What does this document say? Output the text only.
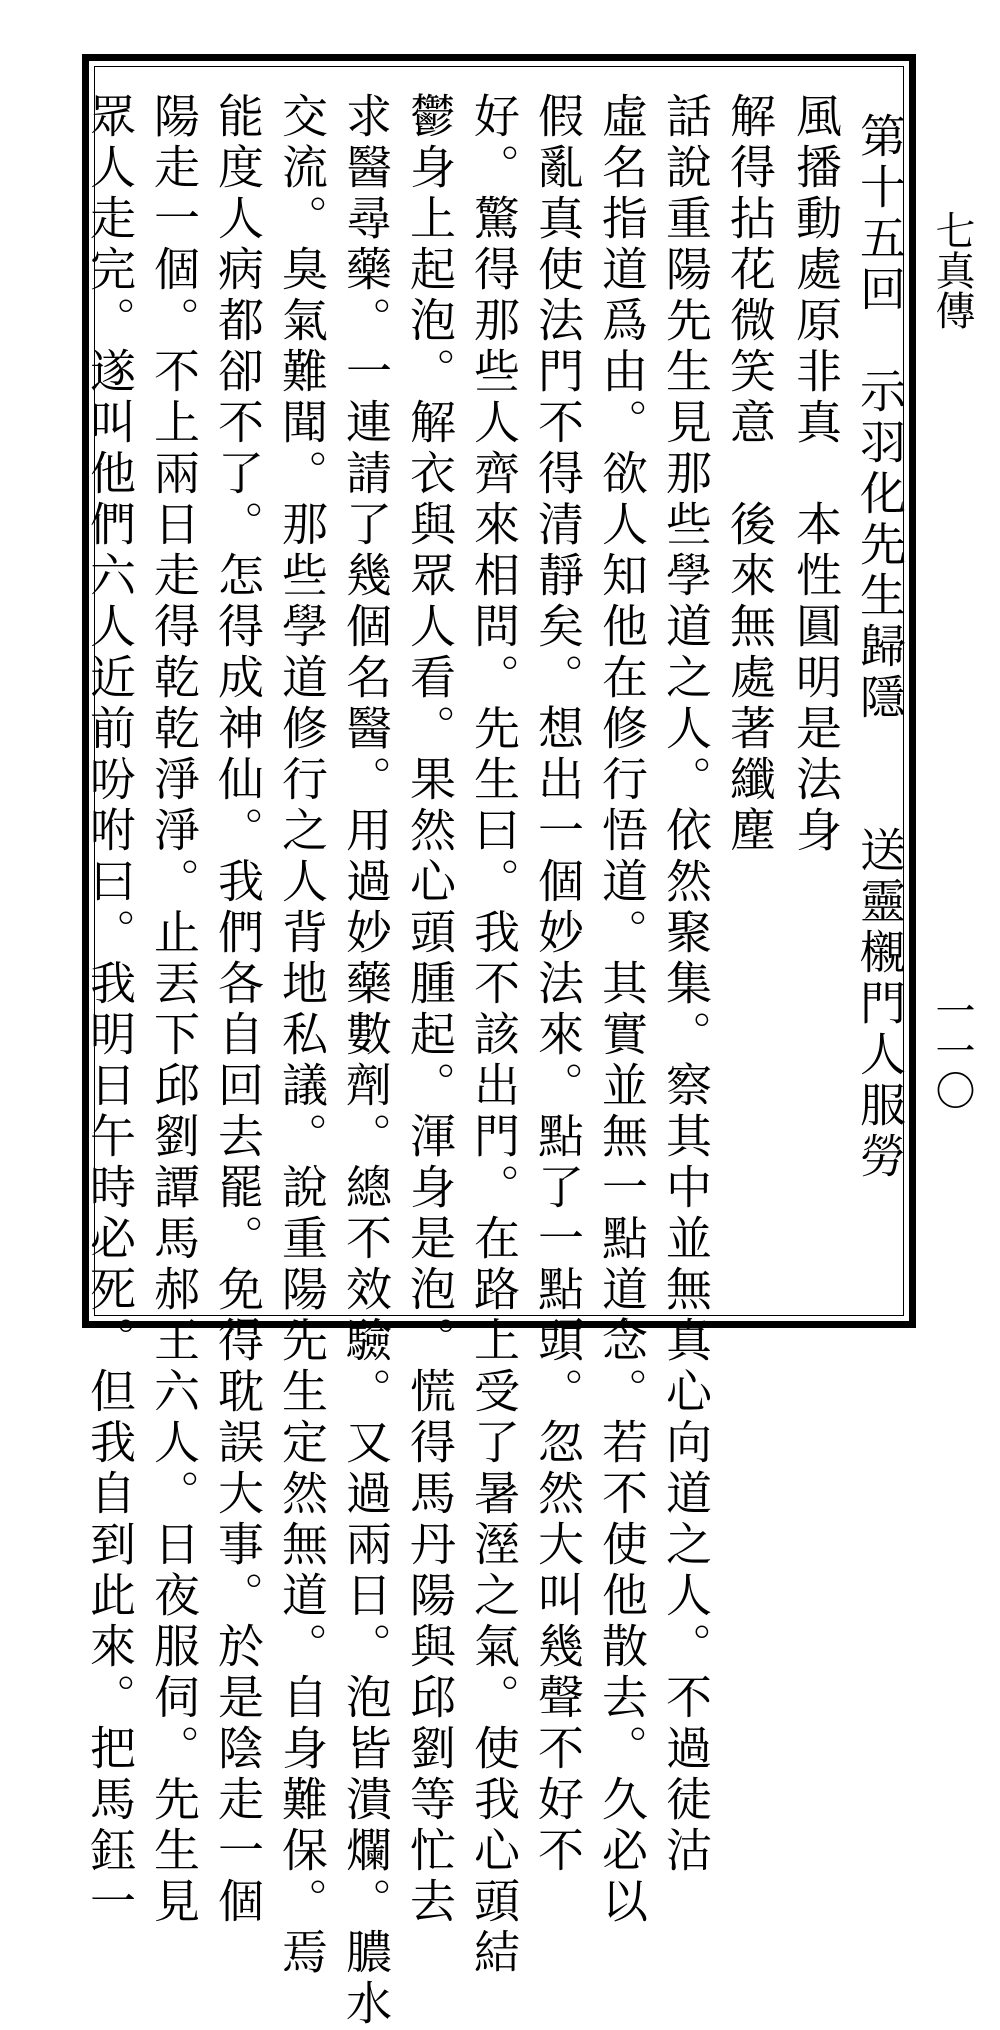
第十五回　示羽化先生歸隱　　送靈櫬門人服勞
風播動處原非真　本性圓明是法身
解得拈花微笑意　後來無處著纖塵
話說重陽先生見那些學道之人。依然聚集。察其中並無真心向道之人。不過徒沽
虛名指道爲由。欲人知他在修行悟道。其實並無一點道念。若不使他散去。久必以
假亂真使法門不得清靜矣。想出一個妙法來。點了一點頭。忽然大叫幾聲不好不
好。驚得那些人齊來相問。先生曰。我不該出門。在路上受了暑溼之氣。使我心頭結
鬱身上起泡。解衣與眾人看。果然心頭腫起。渾身是泡。慌得馬丹陽與邱劉等忙去
求醫尋藥。一連請了幾個名醫。用過妙藥數劑。總不效驗。又過兩日。泡皆潰爛。膿水
交流。臭氣難聞。那些學道修行之人背地私議。說重陽先生定然無道。自身難保。焉
能度人病都卻不了。怎得成神仙。我們各自回去罷。免得耽誤大事。於是陰走一個
陽走一個。不上兩日走得乾乾淨淨。止丟下邱劉譚馬郝王六人。日夜服伺。先生見
眾人走完。遂叫他們六人近前吩咐曰。我明日午時必死。但我自到此來。把馬鈺一	七真傳
一一〇
